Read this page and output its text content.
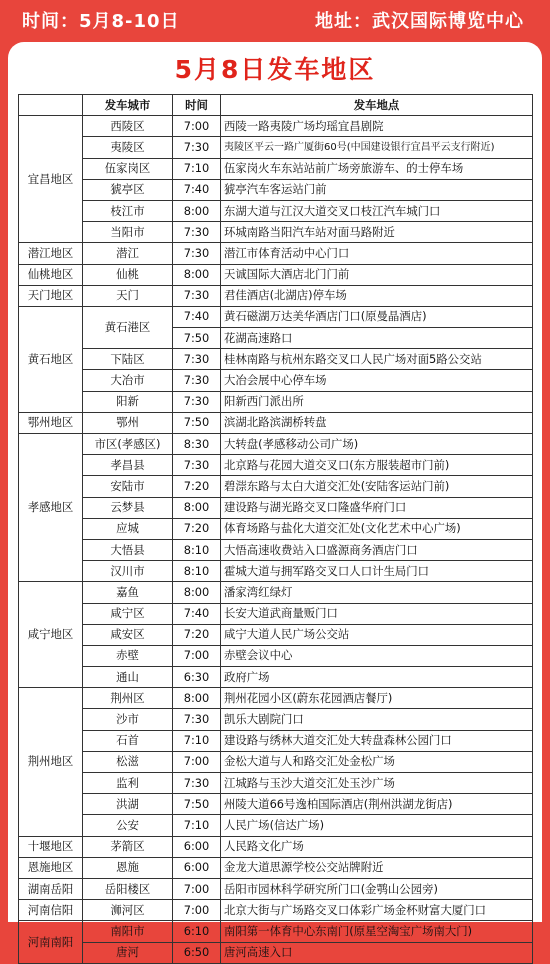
时间：5月8-10日	地址：武汉国际博览中心
5月8日发车地区
	发车城市	时间	发车地点
宜昌地区	西陵区	7:00	西陵一路夷陵广场均瑶宜昌剧院
	夷陵区	7:30	夷陵区平云一路广厦街60号(中国建设银行宜昌平云支行附近)
	伍家岗区	7:10	伍家岗火车东站站前广场旁旅游车、的士停车场
	猇亭区	7:40	猇亭汽车客运站门前
	枝江市	8:00	东湖大道与江汉大道交叉口枝江汽车城门口
	当阳市	7:30	环城南路当阳汽车站对面马路附近
潜江地区	潜江	7:30	潜江市体育活动中心门口
仙桃地区	仙桃	8:00	天诚国际大酒店北门门前
天门地区	天门	7:30	君佳酒店(北湖店)停车场
黄石地区	黄石港区	7:40	黄石磁湖万达美华酒店门口(原曼晶酒店)
		7:50	花湖高速路口
	下陆区	7:30	桂林南路与杭州东路交叉口人民广场对面5路公交站
	大冶市	7:30	大冶会展中心停车场
	阳新	7:30	阳新西门派出所
鄂州地区	鄂州	7:50	滨湖北路滨湖桥转盘
孝感地区	市区(孝感区)	8:30	大转盘(孝感移动公司广场)
	孝昌县	7:30	北京路与花园大道交叉口(东方服装超市门前)
	安陆市	7:20	碧漴东路与太白大道交汇处(安陆客运站门前)
	云梦县	8:00	建设路与湖光路交叉口隆盛华府门口
	应城	7:20	体育场路与盐化大道交汇处(文化艺术中心广场)
	大悟县	8:10	大悟高速收费站入口盛源商务酒店门口
	汉川市	8:10	霍城大道与拥军路交叉口人口计生局门口
咸宁地区	嘉鱼	8:00	潘家湾红绿灯
	咸宁区	7:40	长安大道武商量贩门口
	咸安区	7:20	咸宁大道人民广场公交站
	赤壁	7:00	赤壁会议中心
	通山	6:30	政府广场
荆州地区	荆州区	8:00	荆州花园小区(蔚东花园酒店餐厅)
	沙市	7:30	凯乐大剧院门口
	石首	7:10	建设路与绣林大道交汇处大转盘森林公园门口
	松滋	7:00	金松大道与人和路交汇处金松广场
	监利	7:30	江城路与玉沙大道交汇处玉沙广场
	洪湖	7:50	州陵大道66号逸柏国际酒店(荆州洪湖龙街店)
	公安	7:10	人民广场(信达广场)
十堰地区	茅箭区	6:00	人民路文化广场
恩施地区	恩施	6:00	金龙大道思源学校公交站牌附近
湖南岳阳	岳阳楼区	7:00	岳阳市园林科学研究所门口(金鹗山公园旁)
河南信阳	浉河区	7:00	北京大街与广场路交叉口体彩广场金杯财富大厦门口
河南南阳	南阳市	6:10	南阳第一体育中心东南门(原星空淘宝广场南大门)
	唐河	6:50	唐河高速入口
